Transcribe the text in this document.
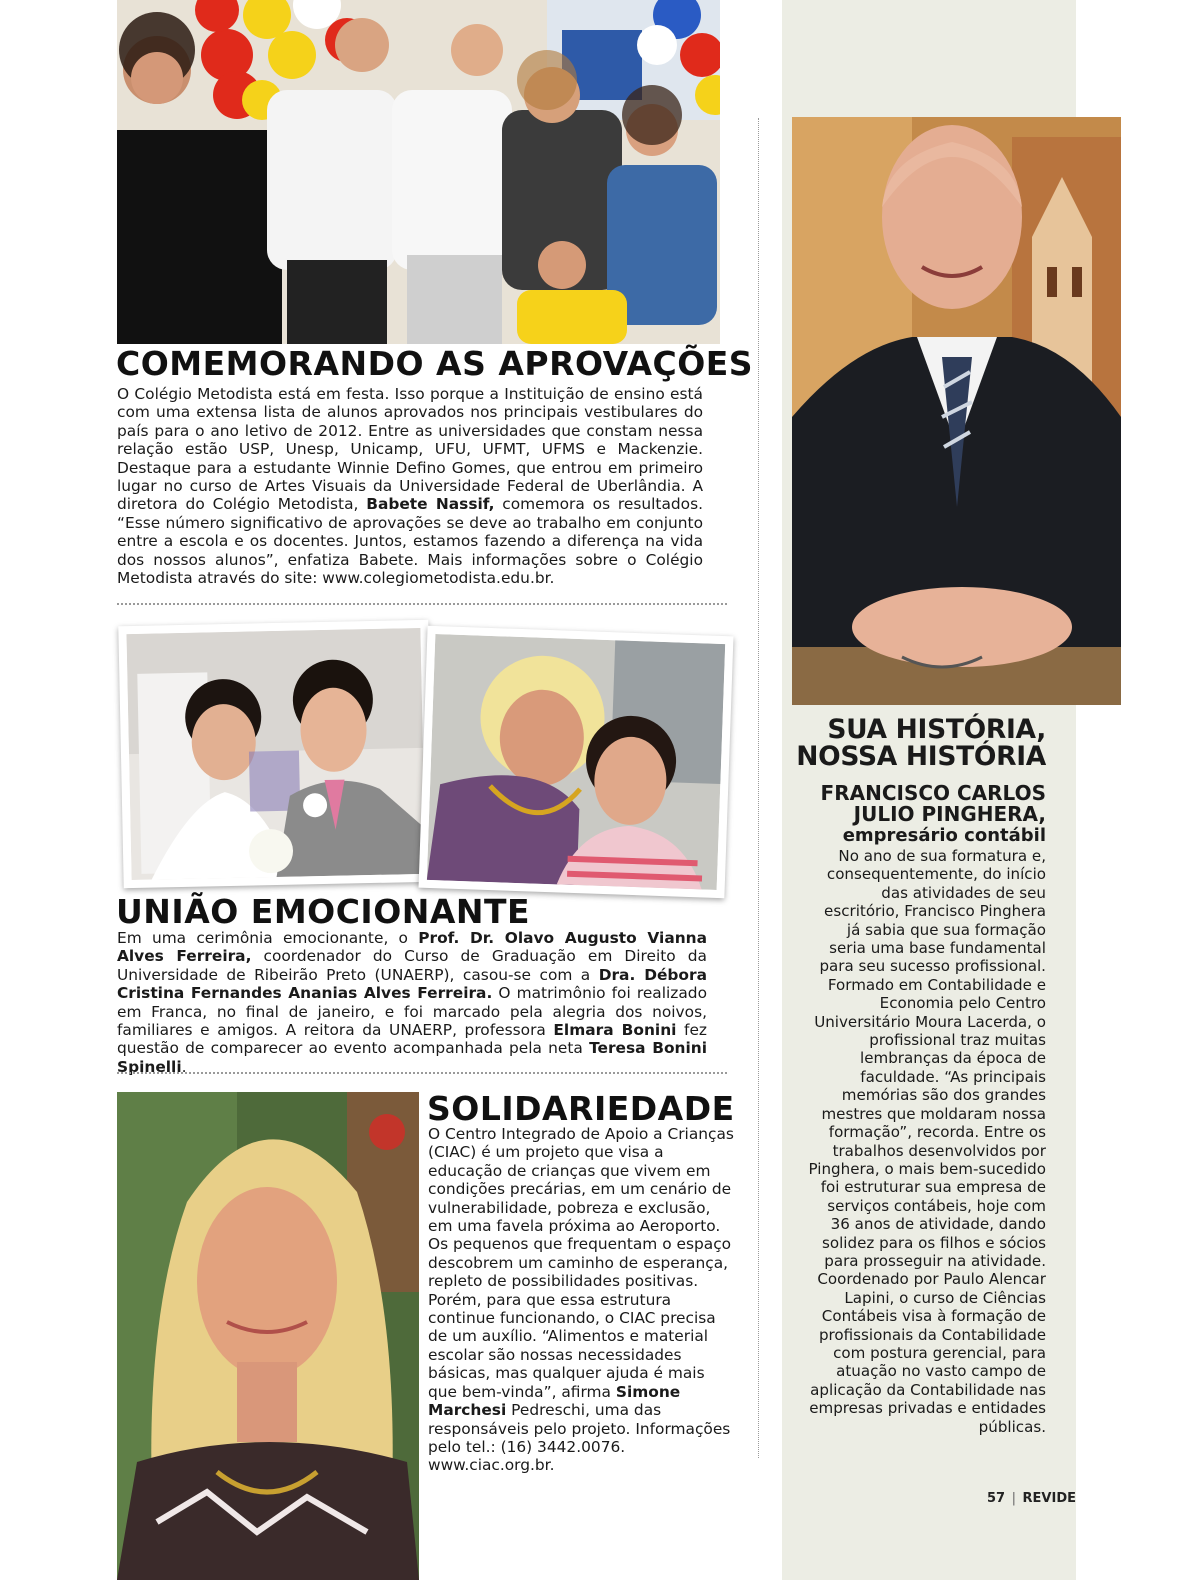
COMEMORANDO AS APROVAÇÕES
O Colégio Metodista está em festa. Isso porque a Instituição de ensino está com uma extensa lista de alunos aprovados nos principais vestibulares do país para o ano letivo de 2012. Entre as universidades que constam nessa relação estão USP, Unesp, Unicamp, UFU, UFMT, UFMS e Mackenzie. Destaque para a estudante Winnie Defino Gomes, que entrou em primeiro lugar no curso de Artes Visuais da Universidade Federal de Uberlândia. A diretora do Colégio Metodista, Babete Nassif, comemora os resultados. “Esse número significativo de aprovações se deve ao trabalho em conjunto entre a escola e os docentes. Juntos, estamos fazendo a diferença na vida dos nossos alunos”, enfatiza Babete. Mais informações sobre o Colégio Metodista através do site: www.colegiometodista.edu.br.
UNIÃO EMOCIONANTE
Em uma cerimônia emocionante, o Prof. Dr. Olavo Augusto Vianna Alves Ferreira, coordenador do Curso de Graduação em Direito da Universidade de Ribeirão Preto (UNAERP), casou-se com a Dra. Débora Cristina Fernandes Ananias Alves Ferreira. O matrimônio foi realizado em Franca, no final de janeiro, e foi marcado pela alegria dos noivos, familiares e amigos. A reitora da UNAERP, professora Elmara Bonini fez questão de comparecer ao evento acompanhada pela neta Teresa Bonini Spinelli.
SOLIDARIEDADE
O Centro Integrado de Apoio a Crianças (CIAC) é um projeto que visa a educação de crianças que vivem em condições precárias, em um cenário de vulnerabilidade, pobreza e exclusão, em uma favela próxima ao Aeroporto. Os pequenos que frequentam o espaço descobrem um caminho de esperança, repleto de possibilidades positivas. Porém, para que essa estrutura continue funcionando, o CIAC precisa de um auxílio. “Alimentos e material escolar são nossas necessidades básicas, mas qualquer ajuda é mais que bem-vinda”, afirma Simone Marchesi Pedreschi, uma das responsáveis pelo projeto. Informações pelo tel.: (16) 3442.0076. www.ciac.org.br.
SUA HISTÓRIA,
NOSSA HISTÓRIA
FRANCISCO CARLOS
JULIO PINGHERA,
empresário contábil
No ano de sua formatura e, consequentemente, do início das atividades de seu escritório, Francisco Pinghera já sabia que sua formação seria uma base fundamental para seu sucesso profissional. Formado em Contabilidade e Economia pelo Centro Universitário Moura Lacerda, o profissional traz muitas lembranças da época de faculdade. “As principais memórias são dos grandes mestres que moldaram nossa formação”, recorda. Entre os trabalhos desenvolvidos por Pinghera, o mais bem-sucedido foi estruturar sua empresa de serviços contábeis, hoje com 36 anos de atividade, dando solidez para os filhos e sócios para prosseguir na atividade. Coordenado por Paulo Alencar Lapini, o curso de Ciências Contábeis visa à formação de profissionais da Contabilidade com postura gerencial, para atuação no vasto campo de aplicação da Contabilidade nas empresas privadas e entidades públicas.
57 | REVIDE
